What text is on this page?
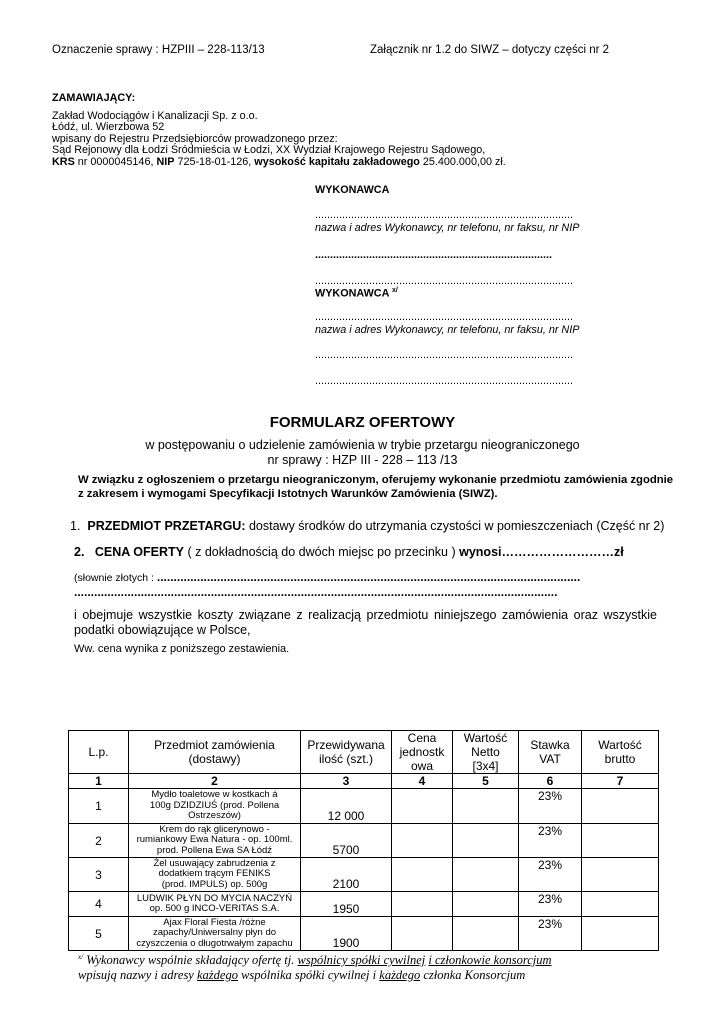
Oznaczenie sprawy : HZPIII – 228-113/13	Załącznik nr 1.2 do SIWZ – dotyczy części nr 2
ZAMAWIAJĄCY:
Zakład Wodociągów i Kanalizacji Sp. z o.o.
Łódź, ul. Wierzbowa 52
wpisany do Rejestru Przedsiębiorców prowadzonego przez:
Sąd Rejonowy dla Łodzi Śródmieścia w Łodzi, XX Wydział Krajowego Rejestru Sądowego,
KRS nr 0000045146, NIP 725-18-01-126, wysokość kapitału zakładowego 25.400.000,00 zł.
WYKONAWCA
......................................................................................
nazwa i adres Wykonawcy, nr telefonu, nr faksu, nr NIP
...............................................................................
......................................................................................
WYKONAWCA $^{x/}$
......................................................................................
nazwa i adres Wykonawcy, nr telefonu, nr faksu, nr NIP
......................................................................................
......................................................................................
FORMULARZ OFERTOWY
w postępowaniu o udzielenie zamówienia w trybie przetargu nieograniczonego
nr sprawy : HZP III - 228 – 113 /13
W związku z ogłoszeniem o przetargu nieograniczonym, oferujemy wykonanie przedmiotu zamówienia zgodnie z zakresem i wymogami Specyfikacji Istotnych Warunków Zamówienia (SIWZ).
1. PRZEDMIOT PRZETARGU: dostawy środków do utrzymania czystości w pomieszczeniach (Część nr 2)
2. CENA OFERTY ( z dokładnością do dwóch miejsc po przecinku ) wynosi………………………zł
(słownie złotych : ...............................................................................................................................
.................................................................................................................................................
i obejmuje wszystkie koszty związane z realizacją przedmiotu niniejszego zamówienia oraz wszystkie podatki obowiązujące w Polsce,
Ww. cena wynika z poniższego zestawienia.
L.p.	Przedmiot zamówienia (dostawy)	Przewidywana ilość (szt.)	Cena jednostk owa	Wartość Netto [3x4]	Stawka VAT	Wartość brutto

1	2	3	4	5	6	7
1	Mydło toaletowe w kostkach á 100g DZIDZIUŚ (prod. Pollena Ostrzeszów)	12 000			23%	
2	Krem do rąk glicerynowo - rumiankowy Ewa Natura - op. 100ml. prod. Pollena Ewa SA Łódź	5700			23%	
3	Żel usuwający zabrudzenia z dodatkiem trącym FENIKS (prod. IMPULS) op. 500g	2100			23%	
4	LUDWIK PŁYN DO MYCIA NACZYŃ op. 500 g INCO-VERITAS S.A.	1950			23%	
5	Ajax Floral Fiesta /różne zapachy/Uniwersalny płyn do czyszczenia o długotrwałym zapachu	1900			23%	
$^{x/}$ Wykonawcy wspólnie składający ofertę tj. wspólnicy spółki cywilnej i członkowie konsorcjum
wpisują nazwy i adresy każdego wspólnika spółki cywilnej i każdego członka Konsorcjum
